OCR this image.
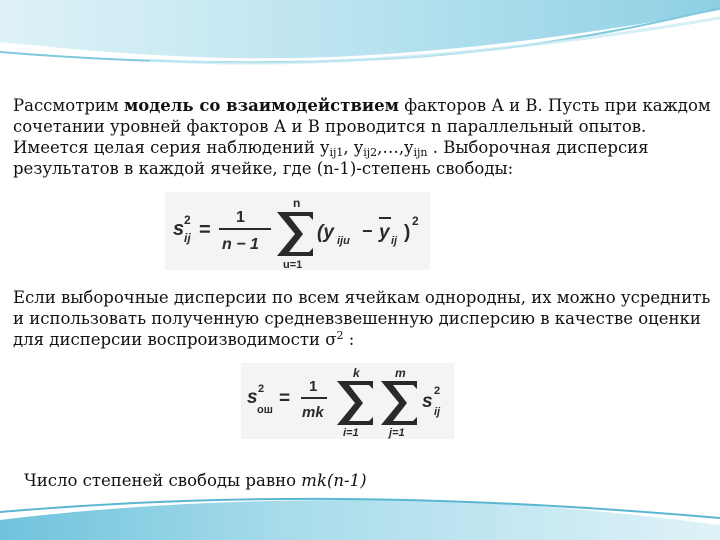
Рассмотрим модель со взаимодействием факторов А и В. Пусть при каждом сочетании уровней факторов А и В проводится n параллельный опытов. Имеется целая серия наблюдений $y_{ij1}$, $y_{ij2},\dots,y_{ijn}$ . Выборочная дисперсия результатов в каждой ячейке, где (n-1)-степень свободы:
s 2
ij =
1
n − 1
n
u=1
(y iju − y ij )
2
Если выборочные дисперсии по всем ячейкам однородны, их можно усреднить и использовать полученную средневзвешенную дисперсию в качестве оценки для дисперсии воспроизводимости $\sigma^2$ :
s 2
ош
=
1
mk
k
i=1
m
j=1
s 2
ij
Число степеней свободы равно mk(n-1)
